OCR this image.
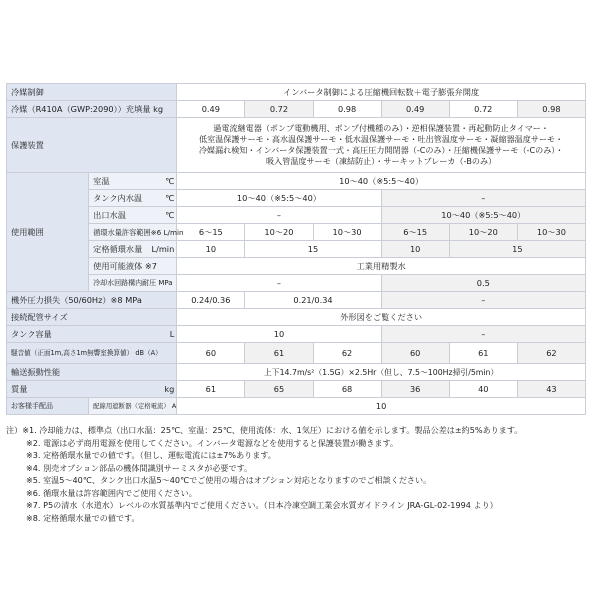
冷媒制御		インバータ制御による圧縮機回転数＋電子膨張弁開度					
冷媒（R410A（GWP:2090））充填量 kg		0.49	0.72	0.98	0.49	0.72	0.98
保護装置		過電流継電器（ポンプ電動機用、ポンプ付機種のみ）・逆相保護装置・再起動防止タイマー・
低室温保護サーモ・高水温保護サーモ・低水温保護サーモ・吐出管温度サーモ・凝縮器温度サーモ・
冷媒漏れ検知・インバータ保護装置一式・高圧圧力開閉器（-Cのみ）・圧縮機保護サーモ（-Cのみ）・
吸入管温度サーモ（凍結防止）・サーキットブレーカ（-Bのみ）					

使用範囲	室温 ℃	10～40（※5:5～40）					
	タンク内水温 ℃	10～40（※5:5～40）			–		
	出口水温 ℃	–			10～40（※5:5～40）		
	循環水量許容範囲※6 L/min	6～15	10～20	10～30	6～15	10～20	10～30
	定格循環水量 L/min	10	15		10	15	
	使用可能液体 ※7	工業用精製水					
	冷却水回路構内耐圧 MPa	–			0.5		
機外圧力損失（50/60Hz）※8 MPa		0.24/0.36	0.21/0.34		–		
接続配管サイズ		外形図をご覧ください					
タンク容量 L		10			–		
騒音値（正面1m,高さ1m無響室換算値） dB（A）		60	61	62	60	61	62
輸送振動性能		上下14.7m/s²（1.5G）×2.5Hr（但し、7.5～100Hz掃引/5min）					
質量 kg		61	65	68	36	40	43
お客様手配品	配線用遮断器（定格電流） A	10					
注）※1. 冷却能力は、標準点（出口水温：25℃、室温：25℃、使用流体：水、1気圧）における値を示します。製品公差は±約5%あります。
※2. 電源は必ず商用電源を使用してください。インバータ電源などを使用すると保護装置が働きます。
※3. 定格循環水量での値です。（但し、運転電流には±7%あります。
※4. 別売オプション部品の機体間識別サーミスタが必要です。
※5. 室温5～40℃、タンク出口水温5～40℃でご使用の場合はオプション対応となりますのでご相談ください。
※6. 循環水量は許容範囲内でご使用ください。
※7. P5の清水（水道水）レベルの水質基準内でご使用ください。（日本冷凍空調工業会水質ガイドライン JRA-GL-02-1994 より）
※8. 定格循環水量での値です。
